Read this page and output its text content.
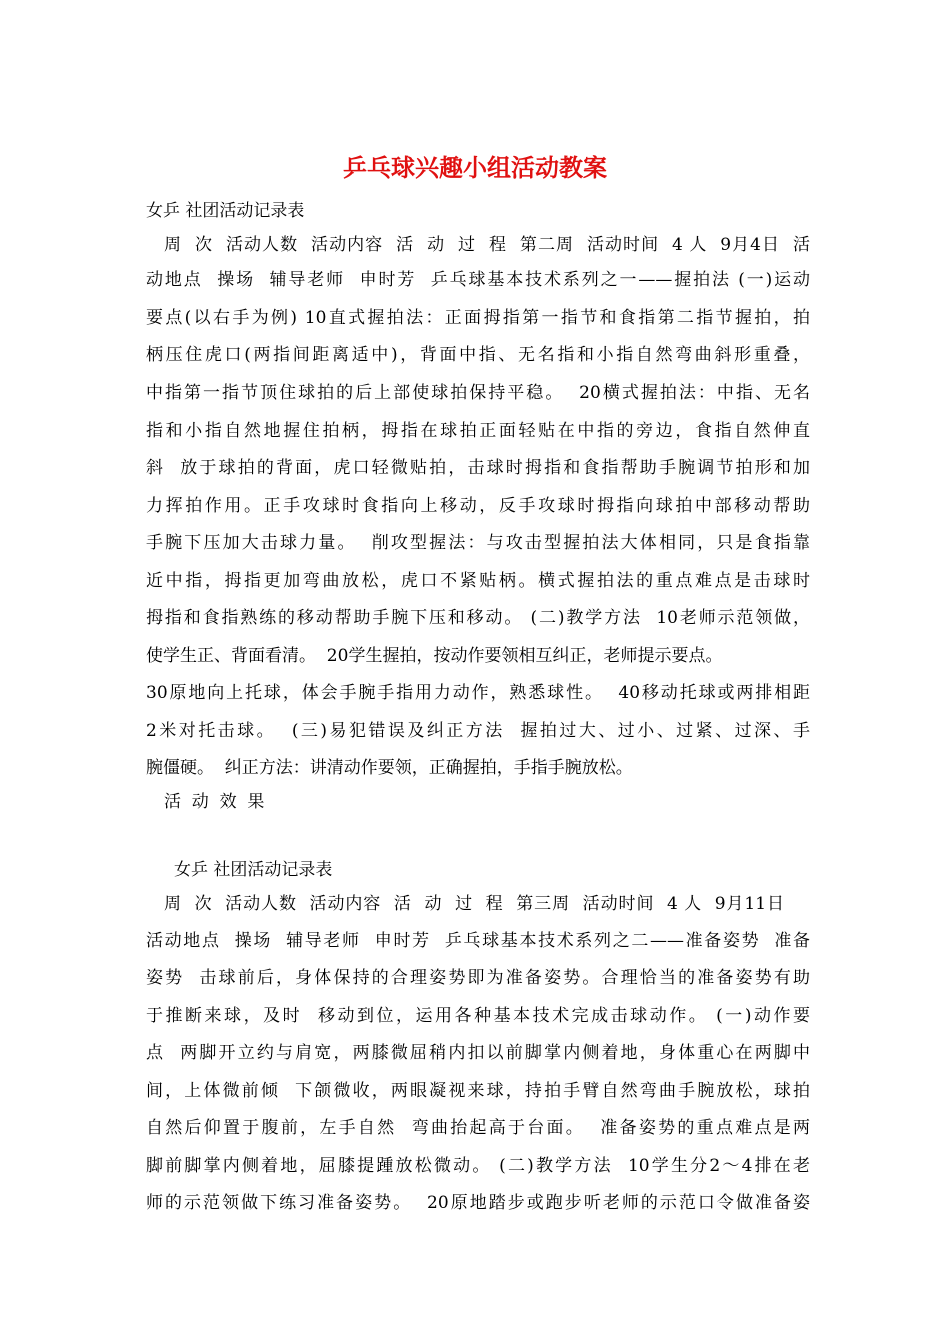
乒乓球兴趣小组活动教案

女乒 社团活动记录表

　周  次  活动人数  活动内容  活  动  过  程  第二周  活动时间  4 人  9月4日  活

动地点  操场  辅导老师  申时芳  乒乓球基本技术系列之一——握拍法 (一)运动

要点(以右手为例) 10直式握拍法：正面拇指第一指节和食指第二指节握拍，拍

柄压住虎口(两指间距离适中)，背面中指、无名指和小指自然弯曲斜形重叠，

中指第一指节顶住球拍的后上部使球拍保持平稳。  20横式握拍法：中指、无名

指和小指自然地握住拍柄，拇指在球拍正面轻贴在中指的旁边，食指自然伸直

斜  放于球拍的背面，虎口轻微贴拍，击球时拇指和食指帮助手腕调节拍形和加

力挥拍作用。正手攻球时食指向上移动，反手攻球时拇指向球拍中部移动帮助

手腕下压加大击球力量。  削攻型握法：与攻击型握拍法大体相同，只是食指靠

近中指，拇指更加弯曲放松，虎口不紧贴柄。横式握拍法的重点难点是击球时

拇指和食指熟练的移动帮助手腕下压和移动。 (二)教学方法  10老师示范领做，

使学生正、背面看清。  20学生握拍，按动作要领相互纠正，老师提示要点。

30原地向上托球，体会手腕手指用力动作，熟悉球性。  40移动托球或两排相距

2米对托击球。  (三)易犯错误及纠正方法  握拍过大、过小、过紧、过深、手

腕僵硬。  纠正方法：讲清动作要领，正确握拍，手指手腕放松。

活  动  效  果

女乒 社团活动记录表

周  次  活动人数  活动内容  活  动  过  程  第三周  活动时间  4 人  9月11日

活动地点  操场  辅导老师  申时芳  乒乓球基本技术系列之二——准备姿势  准备

姿势  击球前后，身体保持的合理姿势即为准备姿势。合理恰当的准备姿势有助

于推断来球，及时  移动到位，运用各种基本技术完成击球动作。 (一)动作要

点  两脚开立约与肩宽，两膝微屈稍内扣以前脚掌内侧着地，身体重心在两脚中

间，上体微前倾  下颌微收，两眼凝视来球，持拍手臂自然弯曲手腕放松，球拍

自然后仰置于腹前，左手自然  弯曲抬起高于台面。  准备姿势的重点难点是两

脚前脚掌内侧着地，屈膝提踵放松微动。 (二)教学方法  10学生分2～4排在老

师的示范领做下练习准备姿势。  20原地踏步或跑步听老师的示范口令做准备姿
